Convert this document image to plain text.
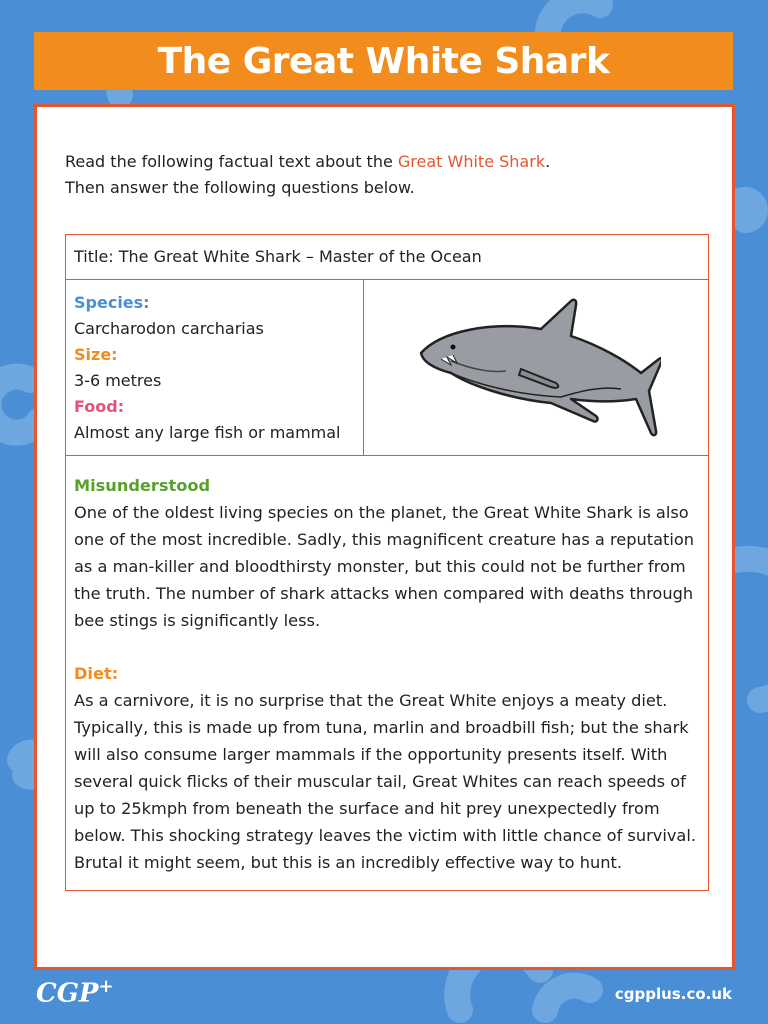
The Great White Shark
Read the following factual text about the Great White Shark.
Then answer the following questions below.
Title: The Great White Shark – Master of the Ocean

Species:
Carcharodon carcharias
Size:
3-6 metres
Food:
Almost any large fish or mammal

Misunderstood
One of the oldest living species on the planet, the Great White Shark is also one of the most incredible. Sadly, this magnificent creature has a reputation as a man-killer and bloodthirsty monster, but this could not be further from the truth. The number of shark attacks when compared with deaths through bee stings is significantly less.
Diet:
As a carnivore, it is no surprise that the Great White enjoys a meaty diet. Typically, this is made up from tuna, marlin and broadbill fish; but the shark will also consume larger mammals if the opportunity presents itself. With several quick flicks of their muscular tail, Great Whites can reach speeds of up to 25kmph from beneath the surface and hit prey unexpectedly from below. This shocking strategy leaves the victim with little chance of survival. Brutal it might seem, but this is an incredibly effective way to hunt.
CGP+	cgpplus.co.uk
